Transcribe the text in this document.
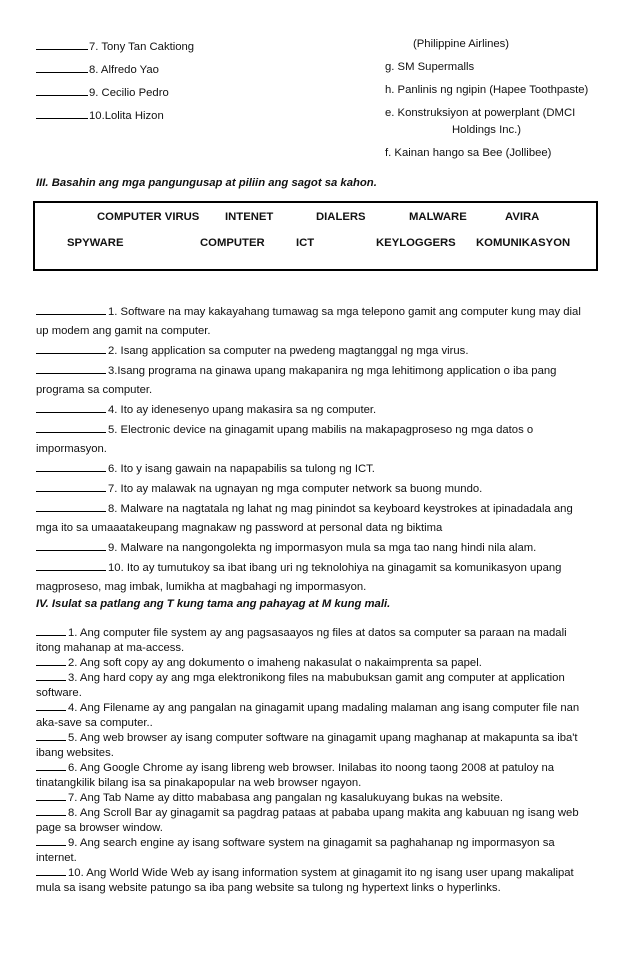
7. Tony Tan Caktiong
8. Alfredo Yao
9. Cecilio Pedro
10.Lolita Hizon
(Philippine Airlines)
g. SM Supermalls
h. Panlinis ng ngipin (Hapee Toothpaste)
e. Konstruksiyon at powerplant (DMCI
Holdings Inc.)
f. Kainan hango sa Bee (Jollibee)
III. Basahin ang mga pangungusap at piliin ang sagot sa kahon.
COMPUTER VIRUS INTENET	DIALERS	MALWARE	AVIRA
SPYWARE	COMPUTER	ICT	KEYLOGGERS KOMUNIKASYON
1. Software na may kakayahang tumawag sa mga telepono gamit ang computer kung may dial
up modem ang gamit na computer.
2. Isang application sa computer na pwedeng magtanggal ng mga virus.
3.Isang programa na ginawa upang makapanira ng mga lehitimong application o iba pang
programa sa computer.
4. Ito ay idenesenyo upang makasira sa ng computer.
5. Electronic device na ginagamit upang mabilis na makapagproseso ng mga datos o
impormasyon.
6. Ito y isang gawain na napapabilis sa tulong ng ICT.
7. Ito ay malawak na ugnayan ng mga computer network sa buong mundo.
8. Malware na nagtatala ng lahat ng mag pinindot sa keyboard keystrokes at ipinadadala ang
mga ito sa umaaatakeupang magnakaw ng password at personal data ng biktima
9. Malware na nangongolekta ng impormasyon mula sa mga tao nang hindi nila alam.
10. Ito ay tumutukoy sa ibat ibang uri ng teknolohiya na ginagamit sa komunikasyon upang
magproseso, mag imbak, lumikha at magbahagi ng impormasyon.
IV. Isulat sa patlang ang T kung tama ang pahayag at M kung mali.
1. Ang computer file system ay ang pagsasaayos ng files at datos sa computer sa paraan na madali
itong mahanap at ma-access.
2. Ang soft copy ay ang dokumento o imaheng nakasulat o nakaimprenta sa papel.
3. Ang hard copy ay ang mga elektronikong files na mabubuksan gamit ang computer at application
software.
4. Ang Filename ay ang pangalan na ginagamit upang madaling malaman ang isang computer file nan
aka-save sa computer..
5. Ang web browser ay isang computer software na ginagamit upang maghanap at makapunta sa iba't
ibang websites.
6. Ang Google Chrome ay isang libreng web browser. Inilabas ito noong taong 2008 at patuloy na
tinatangkilik bilang isa sa pinakapopular na web browser ngayon.
7. Ang Tab Name ay ditto mababasa ang pangalan ng kasalukuyang bukas na website.
8. Ang Scroll Bar ay ginagamit sa pagdrag pataas at pababa upang makita ang kabuuan ng isang web
page sa browser window.
9. Ang search engine ay isang software system na ginagamit sa paghahanap ng impormasyon sa
internet.
10. Ang World Wide Web ay isang information system at ginagamit ito ng isang user upang makalipat
mula sa isang website patungo sa iba pang website sa tulong ng hypertext links o hyperlinks.
